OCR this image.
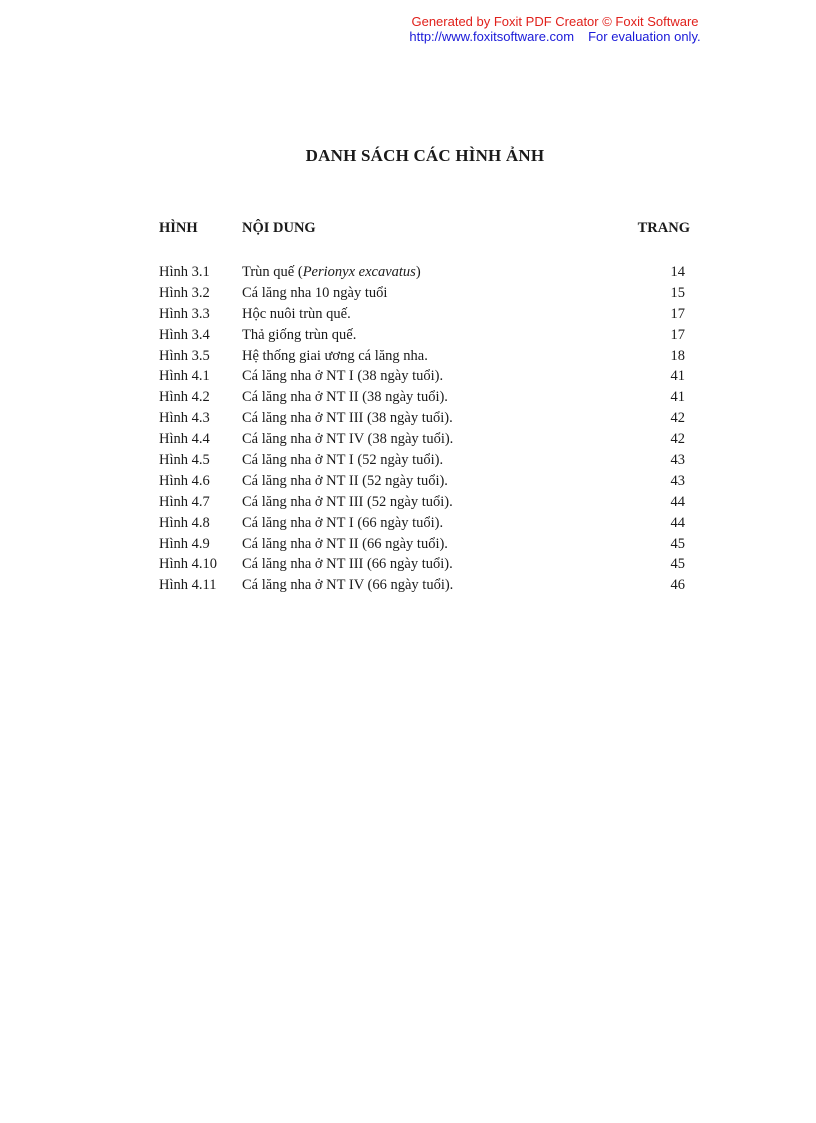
Generated by Foxit PDF Creator © Foxit Software
http://www.foxitsoftware.com For evaluation only.
DANH SÁCH CÁC HÌNH ẢNH
HÌNH	NỘI DUNG	TRANG
Hình 3.1 Trùn quế (Perionyx excavatus)	14
Hình 3.2 Cá lăng nha 10 ngày tuổi	15
Hình 3.3 Hộc nuôi trùn quế.	17
Hình 3.4 Thả giống trùn quế.	17
Hình 3.5 Hệ thống giai ương cá lăng nha.	18
Hình 4.1 Cá lăng nha ở NT I (38 ngày tuổi).	41
Hình 4.2 Cá lăng nha ở NT II (38 ngày tuổi).	41
Hình 4.3 Cá lăng nha ở NT III (38 ngày tuổi).	42
Hình 4.4 Cá lăng nha ở NT IV (38 ngày tuổi).	42
Hình 4.5 Cá lăng nha ở NT I (52 ngày tuổi).	43
Hình 4.6 Cá lăng nha ở NT II (52 ngày tuổi).	43
Hình 4.7 Cá lăng nha ở NT III (52 ngày tuổi).	44
Hình 4.8 Cá lăng nha ở NT I (66 ngày tuổi).	44
Hình 4.9 Cá lăng nha ở NT II (66 ngày tuổi).	45
Hình 4.10 Cá lăng nha ở NT III (66 ngày tuổi).	45
Hình 4.11 Cá lăng nha ở NT IV (66 ngày tuổi).	46
